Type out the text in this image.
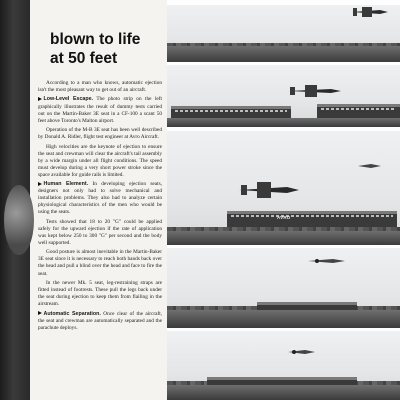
blown to life
at 50 feet

According to a man who knows, automatic ejection isn't the most pleasant way to get out of an aircraft.

Low-Level Escape. The photo strip on the left graphically illustrates the result of dummy tests carried out on the Martin-Baker 3E seat in a CF-100 a scant 50 feet above Toronto's Malton airport.

Operation of the M-B 3E seat has been well described by Donald A. Ridler, flight test engineer at Avro Aircraft.

High velocities are the keynote of ejection to ensure the seat and crewman will clear the aircraft's tail assembly by a wide margin under all flight conditions. The speed must develop during a very short power stroke since the space available for guide rails is limited.

Human Element. In developing ejection seats, designers not only had to solve mechanical and installation problems. They also had to analyze certain physiological characteristics of the men who would be using the seats.

Tests showed that 18 to 20 "G" could be applied safely for the upward ejection if the rate of application was kept below 250 to 300 "G" per second and the body well supported.

Good posture is almost inevitable in the Martin-Baker 3E seat since it is necessary to reach both hands back over the head and pull a blind over the head and face to fire the seat.

In the newer Mk. 5 seat, leg-restraining straps are fitted instead of footrests. These pull the legs back under the seat during ejection to keep them from flailing in the airstream.

Automatic Separation. Once clear of the aircraft, the seat and crewman are automatically separated and the parachute deploys.

AVRO
